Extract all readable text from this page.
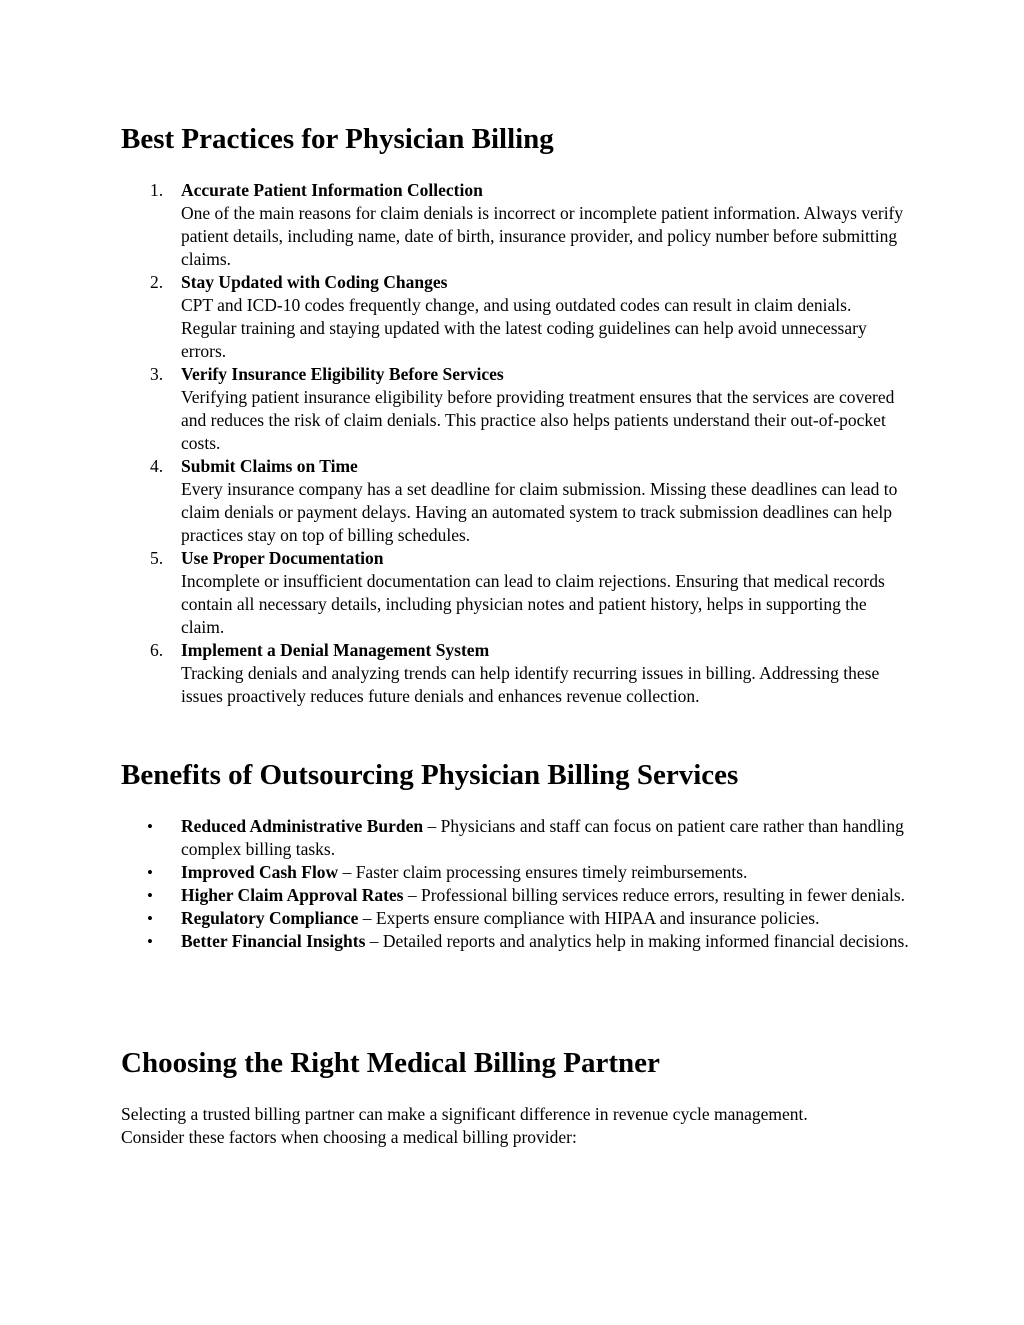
Best Practices for Physician Billing
1.	Accurate Patient Information Collection
One of the main reasons for claim denials is incorrect or incomplete patient information. Always verify patient details, including name, date of birth, insurance provider, and policy number before submitting claims.
2.	Stay Updated with Coding Changes
CPT and ICD-10 codes frequently change, and using outdated codes can result in claim denials. Regular training and staying updated with the latest coding guidelines can help avoid unnecessary errors.
3.	Verify Insurance Eligibility Before Services
Verifying patient insurance eligibility before providing treatment ensures that the services are covered and reduces the risk of claim denials. This practice also helps patients understand their out-of-pocket costs.
4.	Submit Claims on Time
Every insurance company has a set deadline for claim submission. Missing these deadlines can lead to claim denials or payment delays. Having an automated system to track submission deadlines can help practices stay on top of billing schedules.
5.	Use Proper Documentation
Incomplete or insufficient documentation can lead to claim rejections. Ensuring that medical records contain all necessary details, including physician notes and patient history, helps in supporting the claim.
6.	Implement a Denial Management System
Tracking denials and analyzing trends can help identify recurring issues in billing. Addressing these issues proactively reduces future denials and enhances revenue collection.
Benefits of Outsourcing Physician Billing Services
• Reduced Administrative Burden – Physicians and staff can focus on patient care rather than handling complex billing tasks.
• Improved Cash Flow – Faster claim processing ensures timely reimbursements.
• Higher Claim Approval Rates – Professional billing services reduce errors, resulting in fewer denials.
• Regulatory Compliance – Experts ensure compliance with HIPAA and insurance policies.
• Better Financial Insights – Detailed reports and analytics help in making informed financial decisions.
Choosing the Right Medical Billing Partner

Selecting a trusted billing partner can make a significant difference in revenue cycle management. Consider these factors when choosing a medical billing provider:
